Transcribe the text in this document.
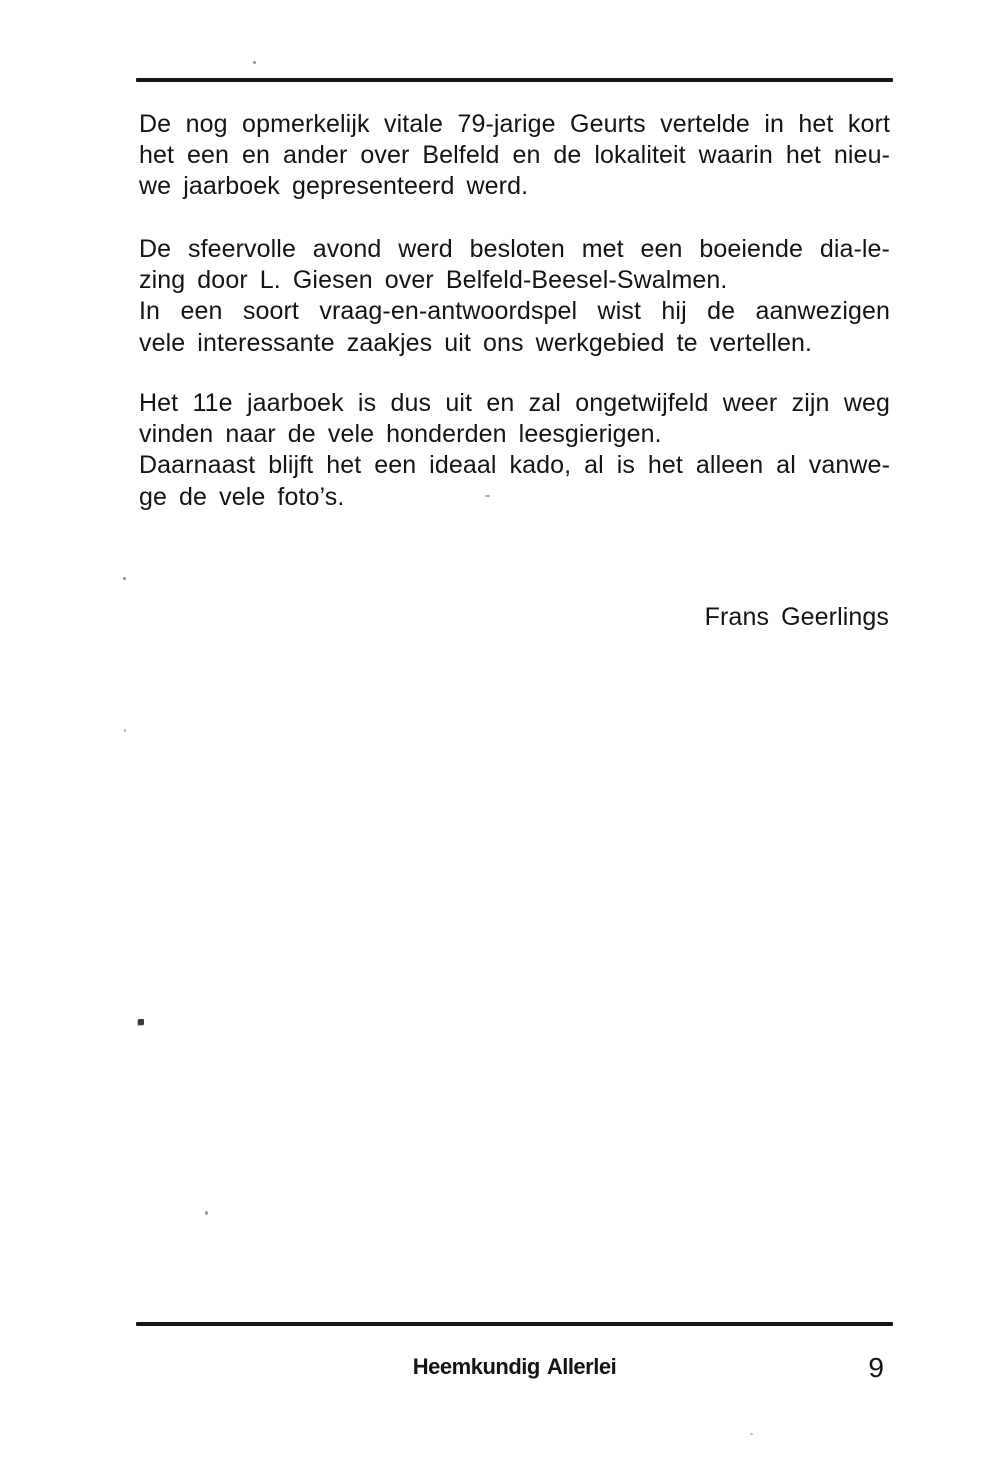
De nog opmerkelijk vitale 79-jarige Geurts vertelde in het kort
het een en ander over Belfeld en de lokaliteit waarin het nieu-
we jaarboek gepresenteerd werd.
De sfeervolle avond werd besloten met een boeiende dia-le-
zing door L. Giesen over Belfeld-Beesel-Swalmen.
In een soort vraag-en-antwoordspel wist hij de aanwezigen
vele interessante zaakjes uit ons werkgebied te vertellen.
Het 11e jaarboek is dus uit en zal ongetwijfeld weer zijn weg
vinden naar de vele honderden leesgierigen.
Daarnaast blijft het een ideaal kado, al is het alleen al vanwe-
ge de vele foto’s.
Frans Geerlings
Heemkundig Allerlei	9
